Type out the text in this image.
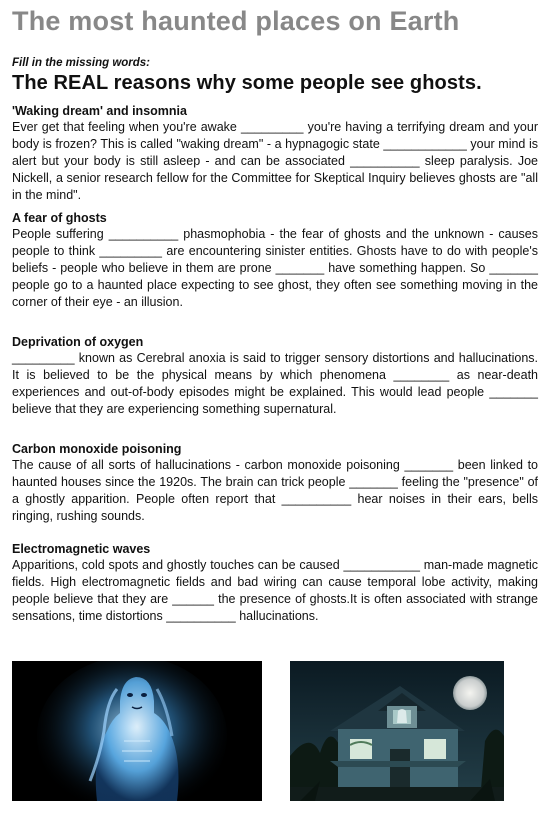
The most haunted places on Earth
Fill in the missing words:
The REAL reasons why some people see ghosts.
'Waking dream' and insomnia

Ever get that feeling when you're awake _________ you're having a terrifying dream and your body is frozen? This is called "waking dream" - a hypnagogic state ____________ your mind is alert but your body is still asleep - and can be associated __________ sleep paralysis. Joe Nickell, a senior research fellow for the Committee for Skeptical Inquiry believes ghosts are "all in the mind".

A fear of ghosts

People suffering __________ phasmophobia - the fear of ghosts and the unknown - causes people to think _________ are encountering sinister entities. Ghosts have to do with people's beliefs - people who believe in them are prone _______ have something happen. So _______ people go to a haunted place expecting to see ghost, they often see something moving in the corner of their eye - an illusion.

Deprivation of oxygen

_________ known as Cerebral anoxia is said to trigger sensory distortions and hallucinations. It is believed to be the physical means by which phenomena ________ as near-death experiences and out-of-body episodes might be explained. This would lead people _______ believe that they are experiencing something supernatural.

Carbon monoxide poisoning

The cause of all sorts of hallucinations - carbon monoxide poisoning _______ been linked to haunted houses since the 1920s. The brain can trick people _______ feeling the "presence" of a ghostly apparition. People often report that __________ hear noises in their ears, bells ringing, rushing sounds.

Electromagnetic waves

Apparitions, cold spots and ghostly touches can be caused ___________ man-made magnetic fields. High electromagnetic fields and bad wiring can cause temporal lobe activity, making people believe that they are ______ the presence of ghosts.It is often associated with strange sensations, time distortions __________ hallucinations.
